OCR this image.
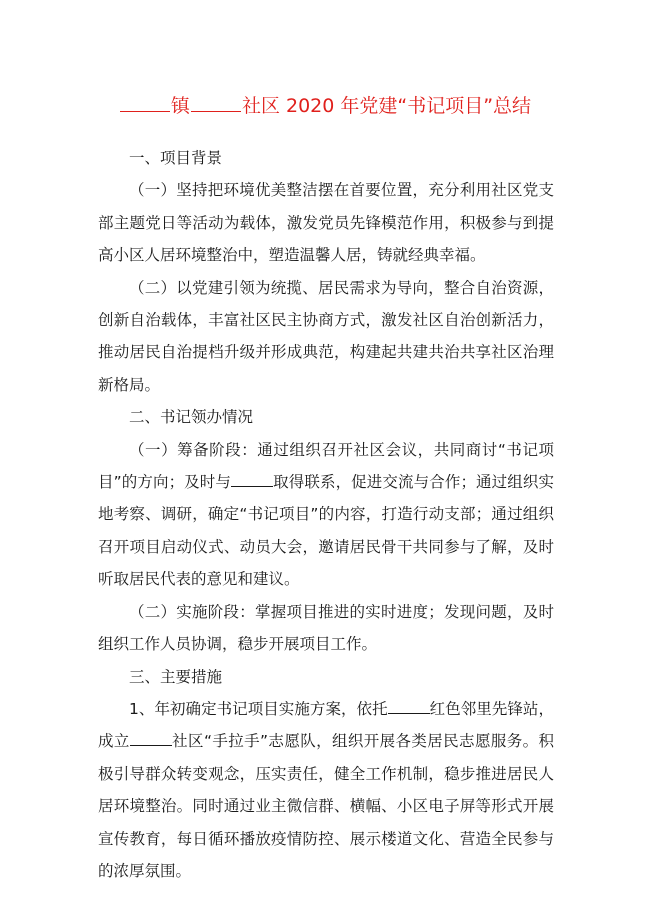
镇	社区 2020 年党建“书记项目”总结

一、项目背景

（一）坚持把环境优美整洁摆在首要位置，充分利用社区党支部主题党日等活动为载体，激发党员先锋模范作用，积极参与到提高小区人居环境整治中，塑造温馨人居，铸就经典幸福。

（二）以党建引领为统揽、居民需求为导向，整合自治资源，创新自治载体，丰富社区民主协商方式，激发社区自治创新活力，推动居民自治提档升级并形成典范，构建起共建共治共享社区治理新格局。

二、书记领办情况

（一）筹备阶段：通过组织召开社区会议，共同商讨“书记项目”的方向；及时与	取得联系，促进交流与合作；通过组织实地考察、调研，确定“书记项目”的内容，打造行动支部；通过组织召开项目启动仪式、动员大会，邀请居民骨干共同参与了解，及时听取居民代表的意见和建议。

（二）实施阶段：掌握项目推进的实时进度；发现问题，及时组织工作人员协调，稳步开展项目工作。

三、主要措施

1、年初确定书记项目实施方案，依托	红色邻里先锋站，成立	社区“手拉手”志愿队，组织开展各类居民志愿服务。积极引导群众转变观念，压实责任，健全工作机制，稳步推进居民人居环境整治。同时通过业主微信群、横幅、小区电子屏等形式开展宣传教育，每日循环播放疫情防控、展示楼道文化、营造全民参与的浓厚氛围。
